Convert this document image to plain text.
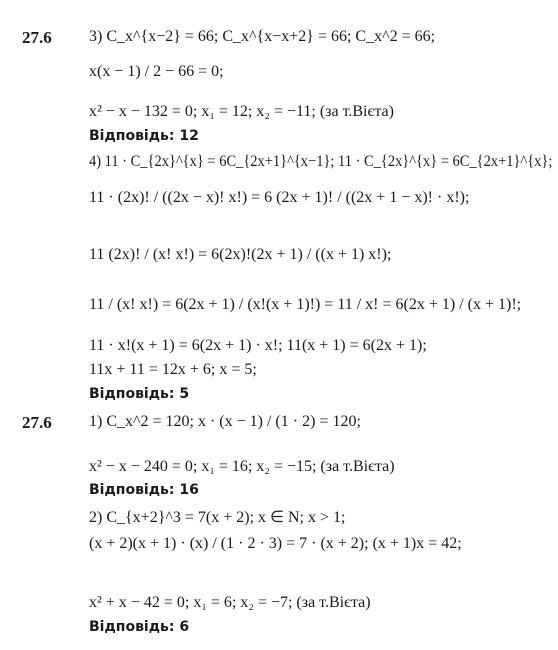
27.6 3) C_x^{x−2} = 66; C_x^{x−x+2} = 66; C_x^2 = 66;
x(x − 1) / 2 − 66 = 0;
x² − x − 132 = 0; x₁ = 12; x₂ = −11; (за т.Вієта)
Відповідь: 12
4) 11 · C_{2x}^{x} = 6C_{2x+1}^{x−1}; 11 · C_{2x}^{x} = 6C_{2x+1}^{x};
11 · (2x)! / ((2x − x)! x!) = 6 (2x + 1)! / ((2x + 1 − x)! · x!);
11 (2x)! / (x! x!) = 6(2x)!(2x + 1) / ((x + 1) x!);
11 / (x! x!) = 6(2x + 1) / (x!(x + 1)!) = 11 / x! = 6(2x + 1) / (x + 1)!;
11 · x!(x + 1) = 6(2x + 1) · x!; 11(x + 1) = 6(2x + 1);
11x + 11 = 12x + 6; x = 5;
Відповідь: 5
27.6 1) C_x^2 = 120; x · (x − 1) / (1 · 2) = 120;
x² − x − 240 = 0; x₁ = 16; x₂ = −15; (за т.Вієта)
Відповідь: 16
2) C_{x+2}^3 = 7(x + 2); x ∈ N; x > 1;
(x + 2)(x + 1) · (x) / (1 · 2 · 3) = 7 · (x + 2); (x + 1)x = 42;
x² + x − 42 = 0; x₁ = 6; x₂ = −7; (за т.Вієта)
Відповідь: 6
